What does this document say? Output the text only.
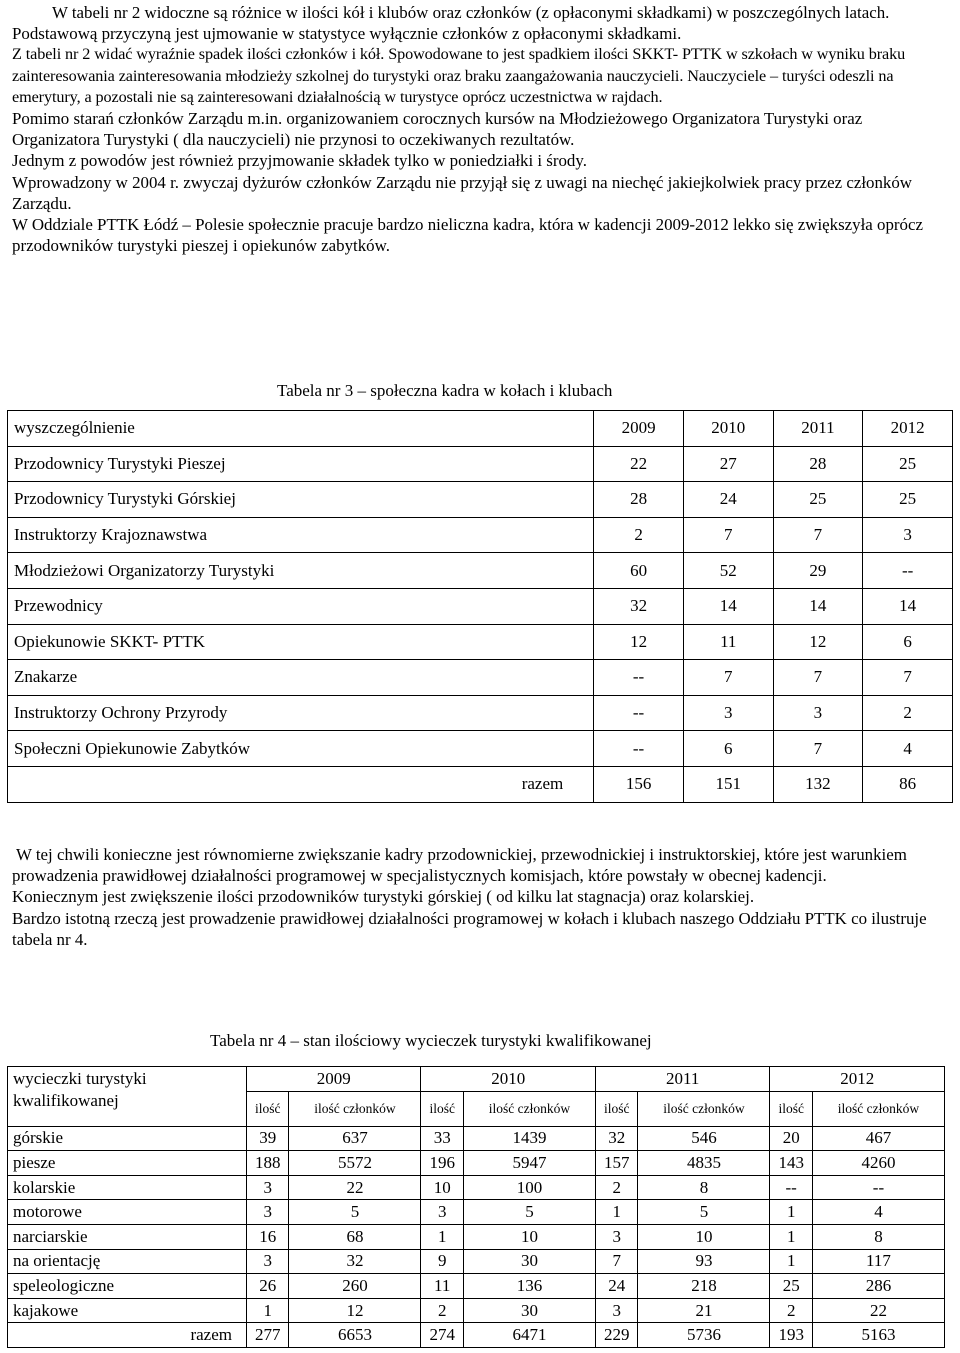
W tabeli nr 2 widoczne są różnice w ilości kół i klubów oraz członków (z opłaconymi składkami) w poszczególnych latach.

Podstawową przyczyną jest ujmowanie w statystyce wyłącznie członków z opłaconymi składkami.

Z tabeli nr 2 widać wyraźnie spadek ilości członków i kół. Spowodowane to jest spadkiem ilości SKKT- PTTK w szkołach w wyniku braku zainteresowania zainteresowania młodzieży szkolnej do turystyki oraz braku zaangażowania nauczycieli. Nauczyciele – turyści odeszli na emerytury, a pozostali nie są zainteresowani działalnością w turystyce oprócz uczestnictwa w rajdach.

Pomimo starań członków Zarządu m.in. organizowaniem corocznych kursów na Młodzieżowego Organizatora Turystyki oraz Organizatora Turystyki ( dla nauczycieli) nie przynosi to oczekiwanych rezultatów.

Jednym z powodów jest również przyjmowanie składek tylko w poniedziałki i środy.

Wprowadzony w 2004 r. zwyczaj dyżurów członków Zarządu nie przyjął się z uwagi na niechęć jakiejkolwiek pracy przez członków Zarządu.

W Oddziale PTTK Łódź – Polesie społecznie pracuje bardzo nieliczna kadra, która w kadencji 2009-2012 lekko się zwiększyła oprócz przodowników turystyki pieszej i opiekunów zabytków.

Tabela nr 3 – społeczna kadra w kołach i klubach
wyszczególnienie	2009	2010	2011	2012
Przodownicy Turystyki Pieszej	22	27	28	25
Przodownicy Turystyki Górskiej	28	24	25	25
Instruktorzy Krajoznawstwa	2	7	7	3
Młodzieżowi Organizatorzy Turystyki	60	52	29	--
Przewodnicy	32	14	14	14
Opiekunowie SKKT- PTTK	12	11	12	6
Znakarze	--	7	7	7
Instruktorzy Ochrony Przyrody	--	3	3	2
Społeczni Opiekunowie Zabytków	--	6	7	4
razem	156	151	132	86

W tej chwili konieczne jest równomierne zwiększanie kadry przodownickiej, przewodnickiej i instruktorskiej, które jest warunkiem prowadzenia prawidłowej działalności programowej w specjalistycznych komisjach, które powstały w obecnej kadencji.

Koniecznym jest zwiększenie ilości przodowników turystyki górskiej ( od kilku lat stagnacja) oraz kolarskiej.

Bardzo istotną rzeczą jest prowadzenie prawidłowej działalności programowej w kołach i klubach naszego Oddziału PTTK co ilustruje tabela nr 4.

Tabela nr 4 – stan ilościowy wycieczek turystyki kwalifikowanej
wycieczki turystyki kwalifikowanej	2009		2010		2011		2012	
	ilość	ilość członków	ilość	ilość członków	ilość	ilość członków	ilość	ilość członków
górskie	39	637	33	1439	32	546	20	467
piesze	188	5572	196	5947	157	4835	143	4260
kolarskie	3	22	10	100	2	8	--	--
motorowe	3	5	3	5	1	5	1	4
narciarskie	16	68	1	10	3	10	1	8
na orientację	3	32	9	30	7	93	1	117
speleologiczne	26	260	11	136	24	218	25	286
kajakowe	1	12	2	30	3	21	2	22
razem	277	6653	274	6471	229	5736	193	5163
